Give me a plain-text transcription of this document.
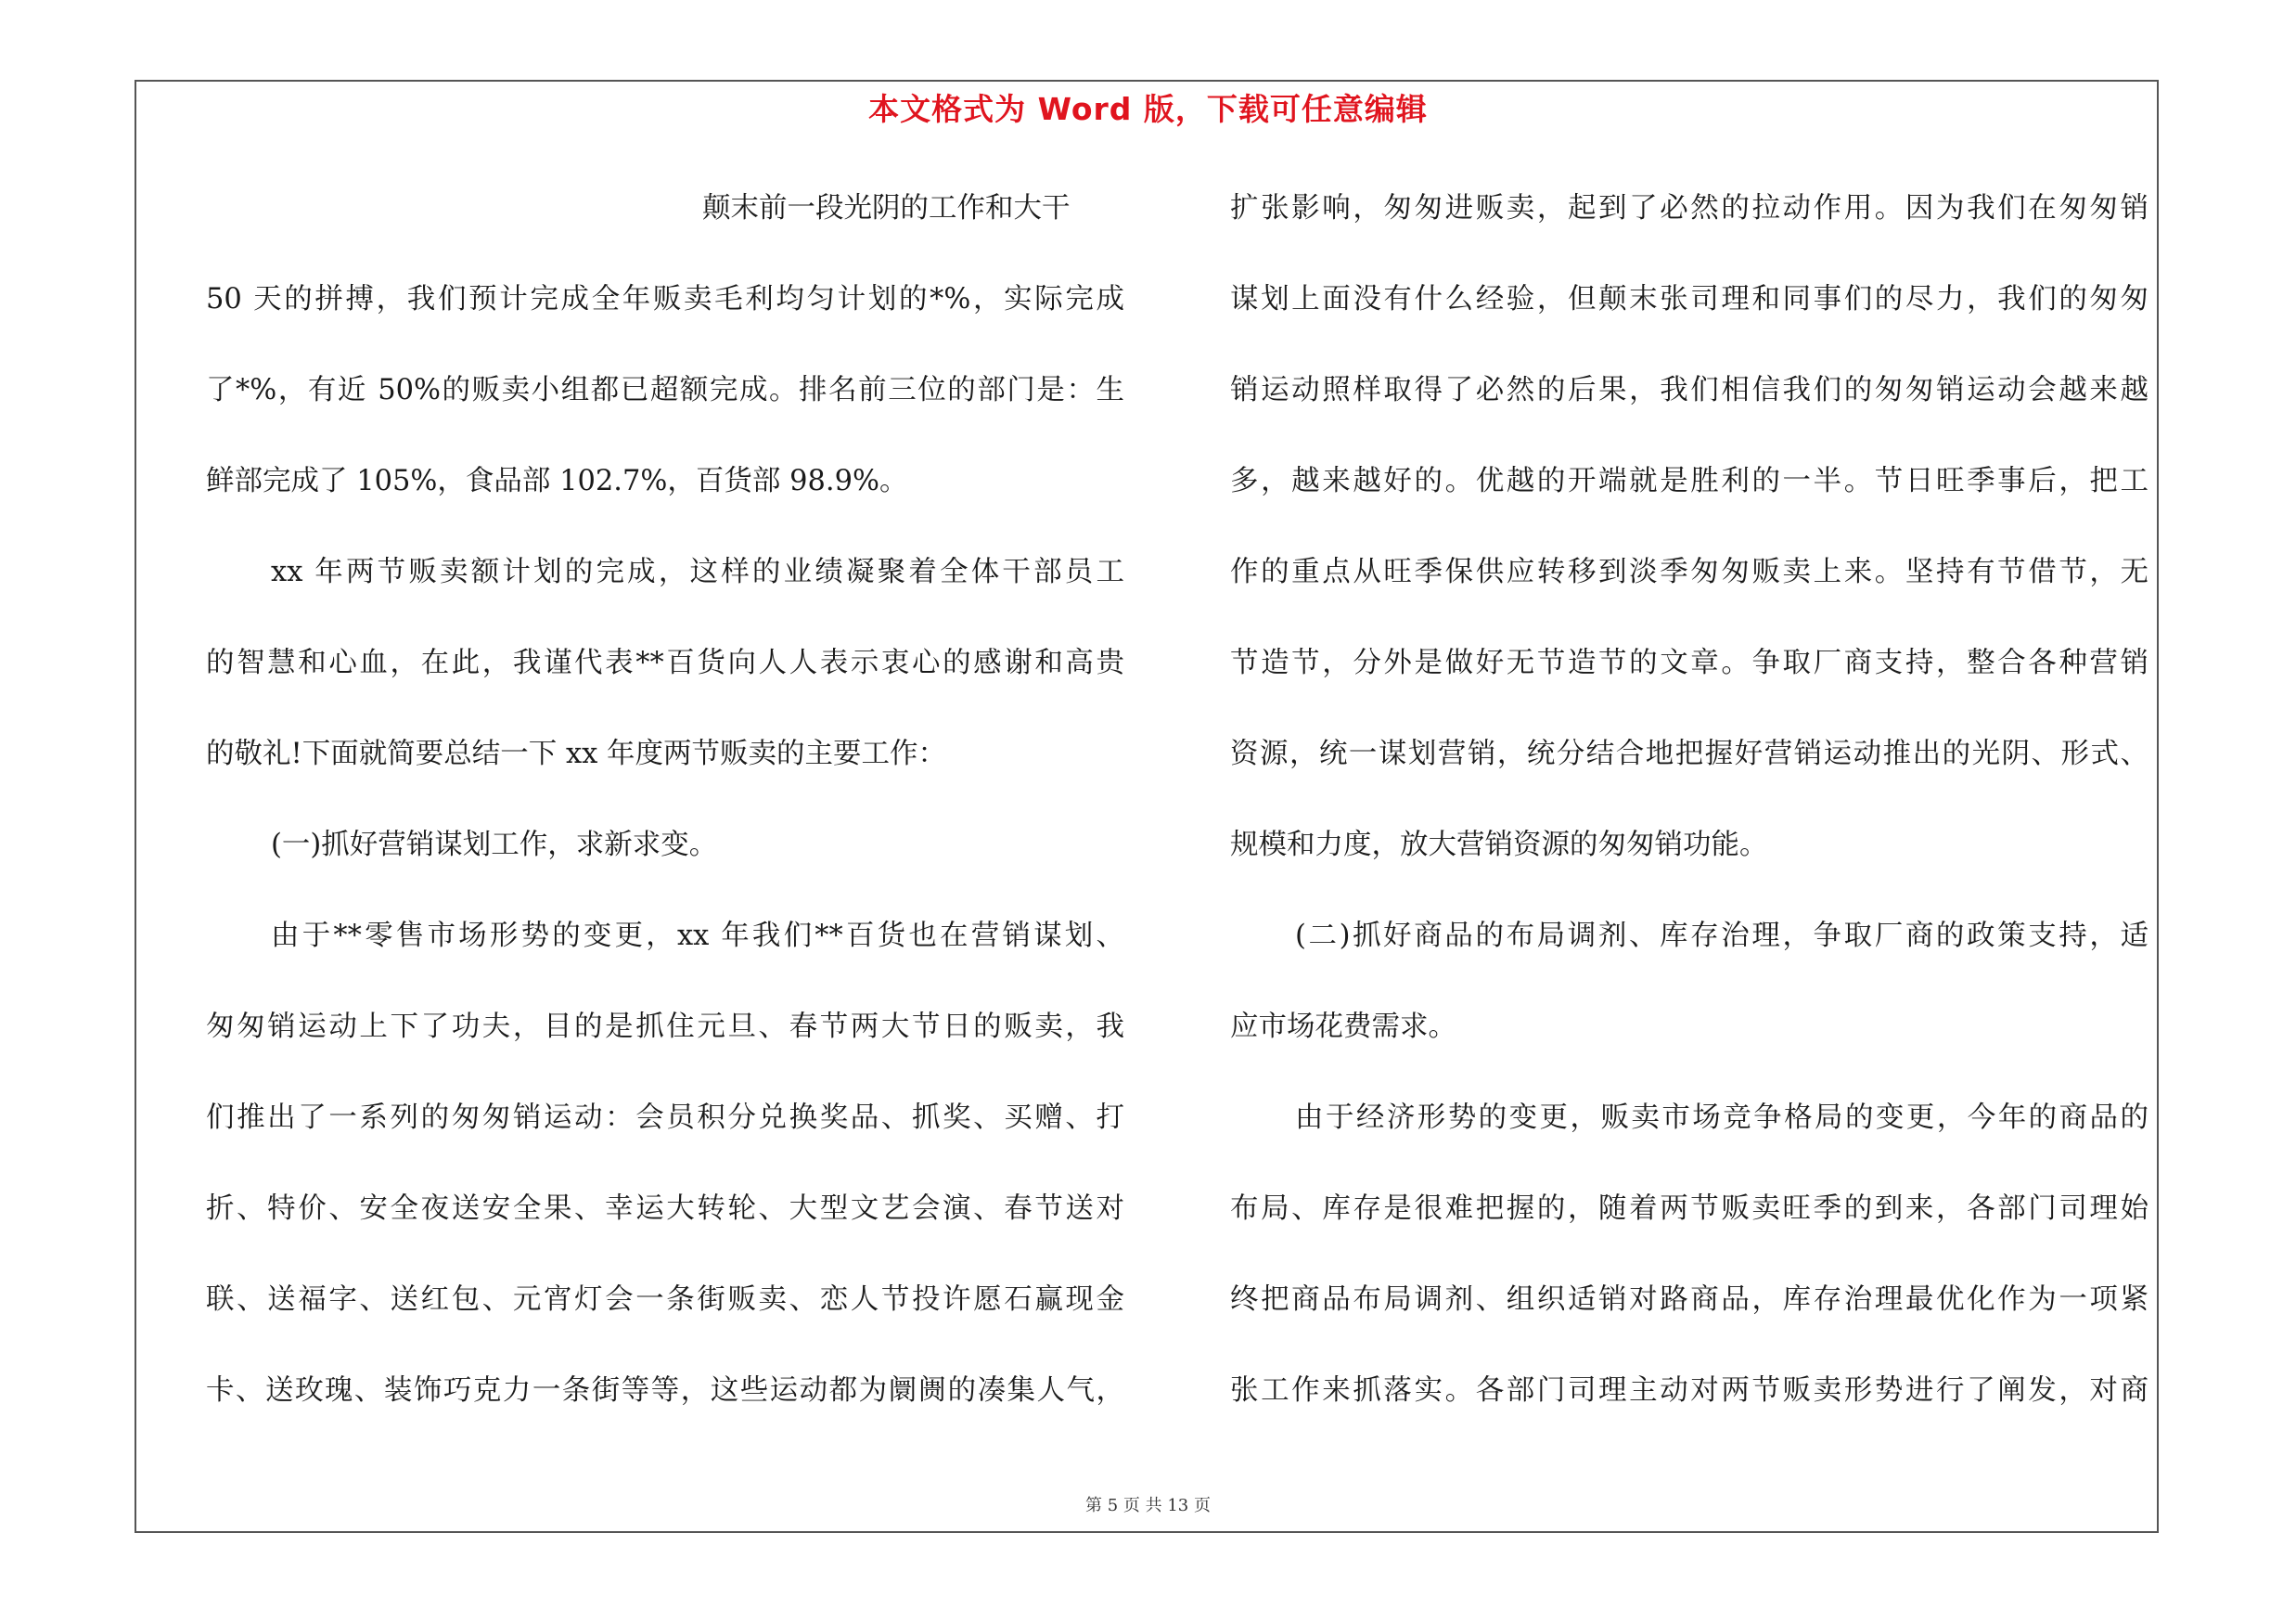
本文格式为 Word 版，下载可任意编辑
颠末前一段光阴的工作和大干
50 天的拼搏，我们预计完成全年贩卖毛利均匀计划的*%，实际完成
了*%，有近 50%的贩卖小组都已超额完成。排名前三位的部门是：生
鲜部完成了 105%，食品部 102.7%，百货部 98.9%。
xx 年两节贩卖额计划的完成，这样的业绩凝聚着全体干部员工
的智慧和心血，在此，我谨代表**百货向人人表示衷心的感谢和高贵
的敬礼!下面就简要总结一下 xx 年度两节贩卖的主要工作：
(一)抓好营销谋划工作，求新求变。
由于**零售市场形势的变更，xx 年我们**百货也在营销谋划、
匆匆销运动上下了功夫，目的是抓住元旦、春节两大节日的贩卖，我
们推出了一系列的匆匆销运动：会员积分兑换奖品、抓奖、买赠、打
折、特价、安全夜送安全果、幸运大转轮、大型文艺会演、春节送对
联、送福字、送红包、元宵灯会一条街贩卖、恋人节投许愿石赢现金
卡、送玫瑰、装饰巧克力一条街等等，这些运动都为阛阓的凑集人气，
扩张影响，匆匆进贩卖，起到了必然的拉动作用。因为我们在匆匆销
谋划上面没有什么经验，但颠末张司理和同事们的尽力，我们的匆匆
销运动照样取得了必然的后果，我们相信我们的匆匆销运动会越来越
多，越来越好的。优越的开端就是胜利的一半。节日旺季事后，把工
作的重点从旺季保供应转移到淡季匆匆贩卖上来。坚持有节借节，无
节造节，分外是做好无节造节的文章。争取厂商支持，整合各种营销
资源，统一谋划营销，统分结合地把握好营销运动推出的光阴、形式、
规模和力度，放大营销资源的匆匆销功能。
(二)抓好商品的布局调剂、库存治理，争取厂商的政策支持，适
应市场花费需求。
由于经济形势的变更，贩卖市场竞争格局的变更，今年的商品的
布局、库存是很难把握的，随着两节贩卖旺季的到来，各部门司理始
终把商品布局调剂、组织适销对路商品，库存治理最优化作为一项紧
张工作来抓落实。各部门司理主动对两节贩卖形势进行了阐发，对商
第 5 页 共 13 页
